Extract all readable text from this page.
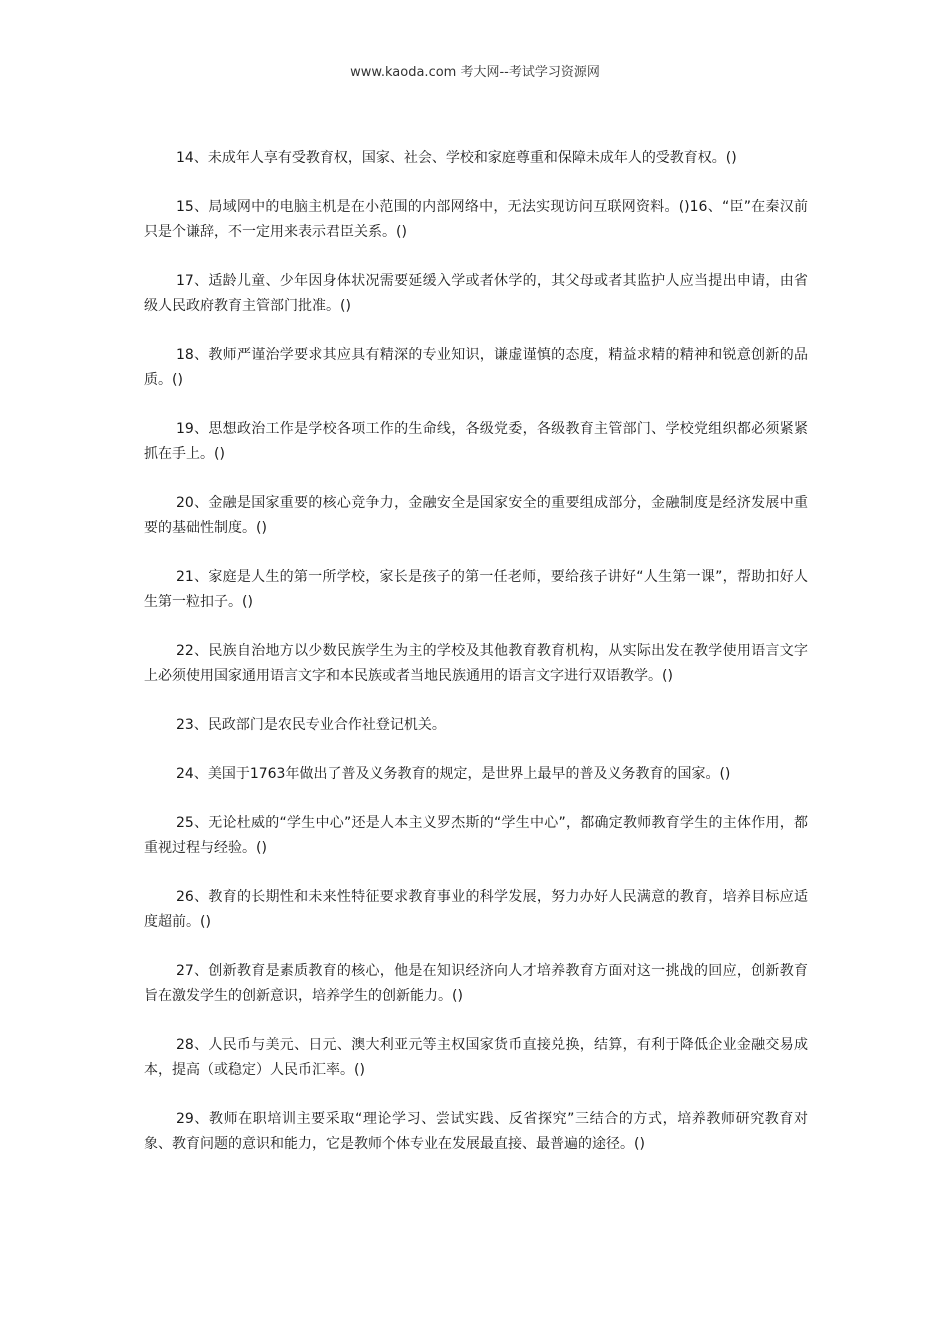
www.kaoda.com 考大网--考试学习资源网

14、未成年人享有受教育权，国家、社会、学校和家庭尊重和保障未成年人的受教育权。()

15、局域网中的电脑主机是在小范围的内部网络中，无法实现访问互联网资料。()16、“臣”在秦汉前只是个谦辞，不一定用来表示君臣关系。()

17、适龄儿童、少年因身体状况需要延缓入学或者休学的，其父母或者其监护人应当提出申请，由省级人民政府教育主管部门批准。()

18、教师严谨治学要求其应具有精深的专业知识，谦虚谨慎的态度，精益求精的精神和锐意创新的品质。()

19、思想政治工作是学校各项工作的生命线，各级党委，各级教育主管部门、学校党组织都必须紧紧抓在手上。()

20、金融是国家重要的核心竞争力，金融安全是国家安全的重要组成部分，金融制度是经济发展中重要的基础性制度。()

21、家庭是人生的第一所学校，家长是孩子的第一任老师，要给孩子讲好“人生第一课”，帮助扣好人生第一粒扣子。()

22、民族自治地方以少数民族学生为主的学校及其他教育教育机构，从实际出发在教学使用语言文字上必须使用国家通用语言文字和本民族或者当地民族通用的语言文字进行双语教学。()

23、民政部门是农民专业合作社登记机关。

24、美国于1763年做出了普及义务教育的规定，是世界上最早的普及义务教育的国家。()

25、无论杜威的“学生中心”还是人本主义罗杰斯的“学生中心”，都确定教师教育学生的主体作用，都重视过程与经验。()

26、教育的长期性和未来性特征要求教育事业的科学发展，努力办好人民满意的教育，培养目标应适度超前。()

27、创新教育是素质教育的核心，他是在知识经济向人才培养教育方面对这一挑战的回应，创新教育旨在激发学生的创新意识，培养学生的创新能力。()

28、人民币与美元、日元、澳大利亚元等主权国家货币直接兑换，结算，有利于降低企业金融交易成本，提高（或稳定）人民币汇率。()

29、教师在职培训主要采取“理论学习、尝试实践、反省探究”三结合的方式，培养教师研究教育对象、教育问题的意识和能力，它是教师个体专业在发展最直接、最普遍的途径。()
